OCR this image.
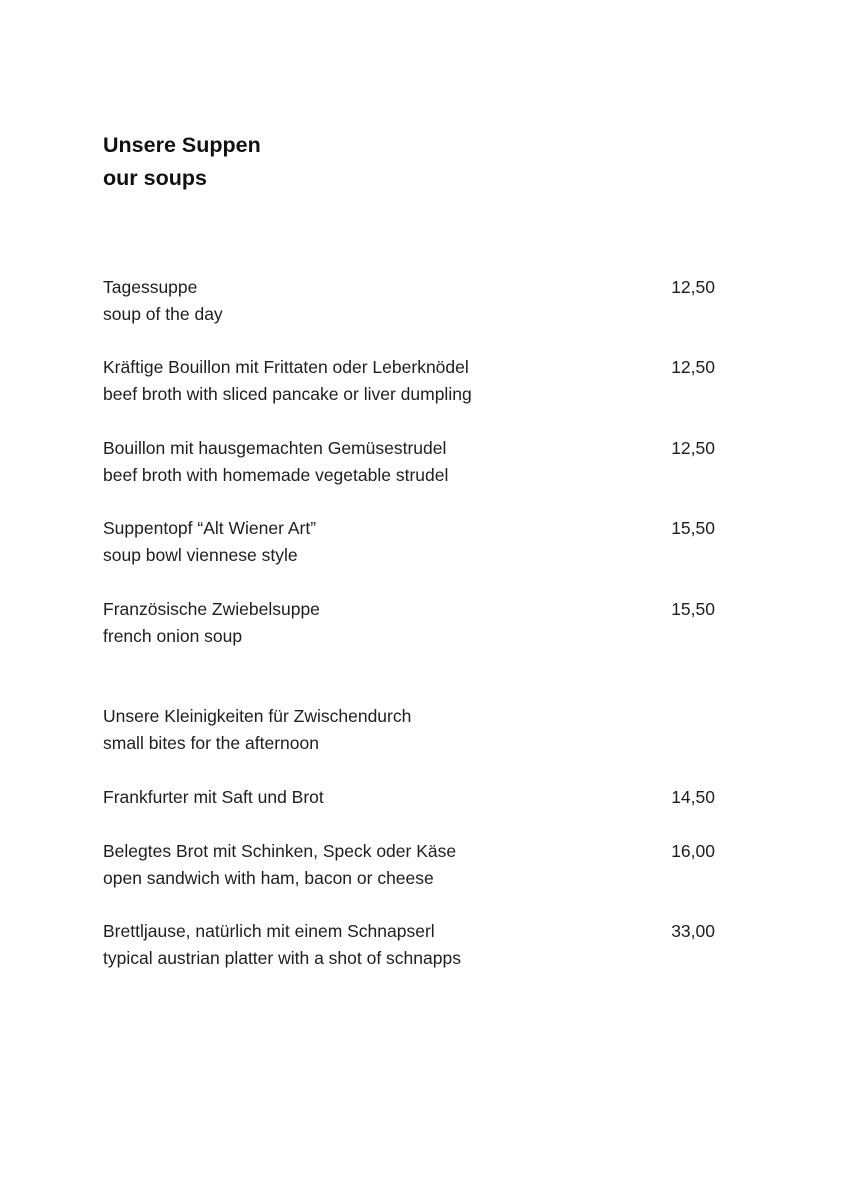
Unsere Suppen
our soups
Tagessuppe
soup of the day
12,50
Kräftige Bouillon mit Frittaten oder Leberknödel
beef broth with sliced pancake or liver dumpling
12,50
Bouillon mit hausgemachten Gemüsestrudel
beef broth with homemade vegetable strudel
12,50
Suppentopf “Alt Wiener Art”
soup bowl viennese style
15,50
Französische Zwiebelsuppe
french onion soup
15,50
Unsere Kleinigkeiten für Zwischendurch
small bites for the afternoon
Frankfurter mit Saft und Brot	14,50
Belegtes Brot mit Schinken, Speck oder Käse
open sandwich with ham, bacon or cheese
16,00
Brettljause, natürlich mit einem Schnapserl
typical austrian platter with a shot of schnapps
33,00
